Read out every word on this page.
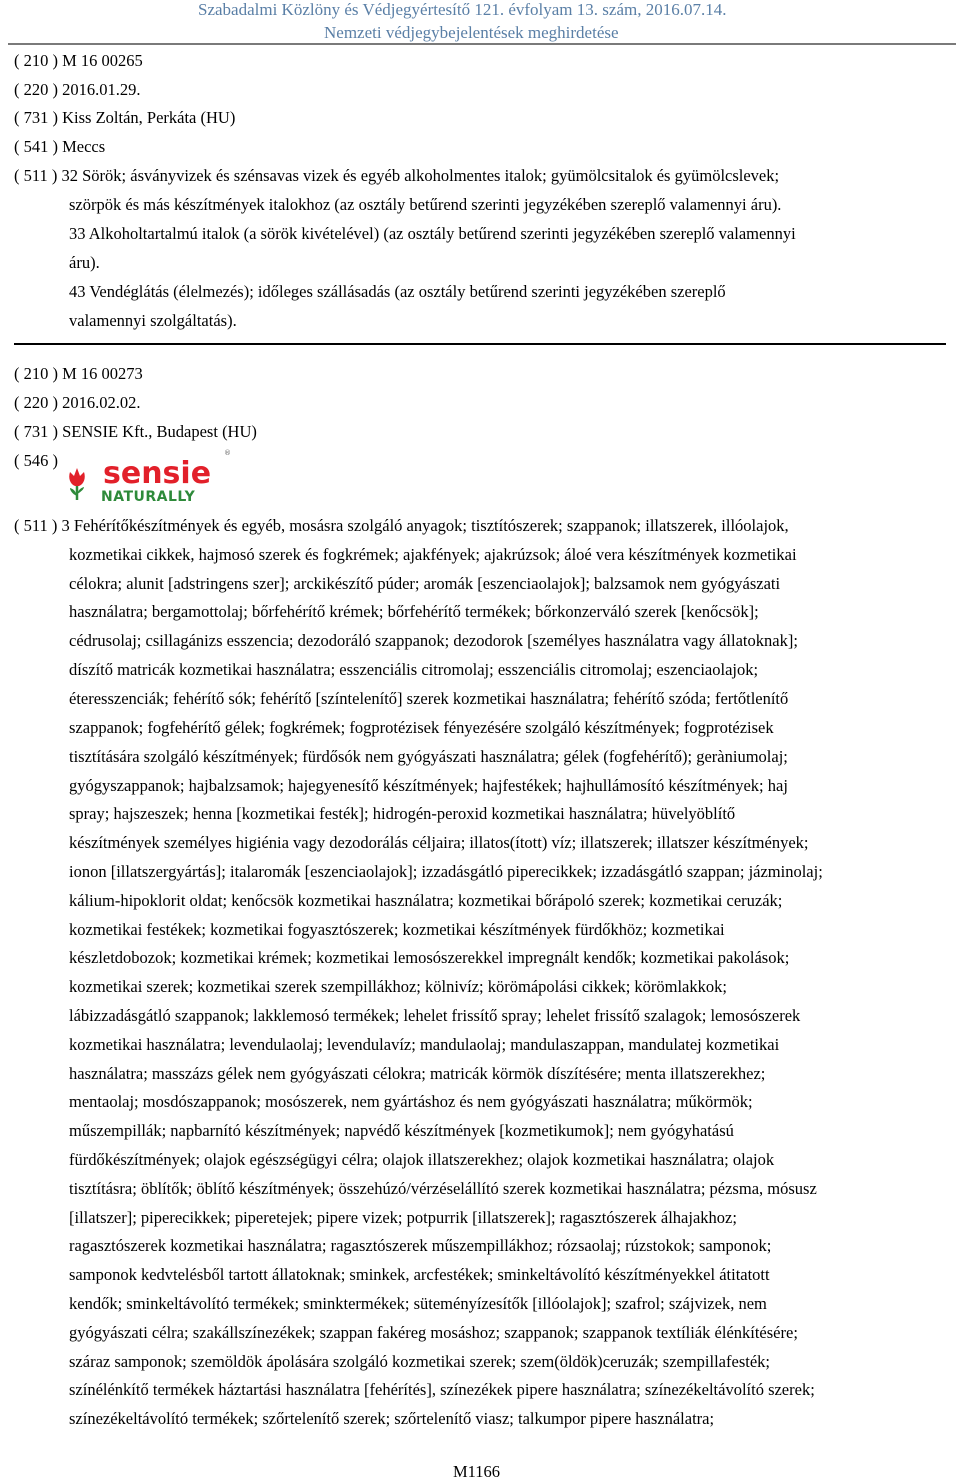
Szabadalmi Közlöny és Védjegyértesítő 121. évfolyam 13. szám, 2016.07.14.
Nemzeti védjegybejelentések meghirdetése
( 210 ) M 16 00265
( 220 ) 2016.01.29.
( 731 ) Kiss Zoltán, Perkáta (HU)
( 541 ) Meccs
( 511 ) 32 Sörök; ásványvizek és szénsavas vizek és egyéb alkoholmentes italok; gyümölcsitalok és gyümölcslevek;
szörpök és más készítmények italokhoz (az osztály betűrend szerinti jegyzékében szereplő valamennyi áru).
33 Alkoholtartalmú italok (a sörök kivételével) (az osztály betűrend szerinti jegyzékében szereplő valamennyi
áru).
43 Vendéglátás (élelmezés); időleges szállásadás (az osztály betűrend szerinti jegyzékében szereplő
valamennyi szolgáltatás).
( 210 ) M 16 00273
( 220 ) 2016.02.02.
( 731 ) SENSIE Kft., Budapest (HU)
( 546 ) sensie
NATURALLY
®
( 511 ) 3 Fehérítőkészítmények és egyéb, mosásra szolgáló anyagok; tisztítószerek; szappanok; illatszerek, illóolajok,
kozmetikai cikkek, hajmosó szerek és fogkrémek; ajakfények; ajakrúzsok; áloé vera készítmények kozmetikai
célokra; alunit [adstringens szer]; arckikészítő púder; aromák [eszenciaolajok]; balzsamok nem gyógyászati
használatra; bergamottolaj; bőrfehérítő krémek; bőrfehérítő termékek; bőrkonzerváló szerek [kenőcsök];
cédrusolaj; csillagánizs esszencia; dezodoráló szappanok; dezodorok [személyes használatra vagy állatoknak];
díszítő matricák kozmetikai használatra; esszenciális citromolaj; esszenciális citromolaj; eszenciaolajok;
éteresszenciák; fehérítő sók; fehérítő [színtelenítő] szerek kozmetikai használatra; fehérítő szóda; fertőtlenítő
szappanok; fogfehérítő gélek; fogkrémek; fogprotézisek fényezésére szolgáló készítmények; fogprotézisek
tisztítására szolgáló készítmények; fürdősók nem gyógyászati használatra; gélek (fogfehérítő); geràniumolaj;
gyógyszappanok; hajbalzsamok; hajegyenesítő készítmények; hajfestékek; hajhullámosító készítmények; haj
spray; hajszeszek; henna [kozmetikai festék]; hidrogén-peroxid kozmetikai használatra; hüvelyöblítő
készítmények személyes higiénia vagy dezodorálás céljaira; illatos(ított) víz; illatszerek; illatszer készítmények;
ionon [illatszergyártás]; italaromák [eszenciaolajok]; izzadásgátló piperecikkek; izzadásgátló szappan; jázminolaj;
kálium-hipoklorit oldat; kenőcsök kozmetikai használatra; kozmetikai bőrápoló szerek; kozmetikai ceruzák;
kozmetikai festékek; kozmetikai fogyasztószerek; kozmetikai készítmények fürdőkhöz; kozmetikai
készletdobozok; kozmetikai krémek; kozmetikai lemosószerekkel impregnált kendők; kozmetikai pakolások;
kozmetikai szerek; kozmetikai szerek szempillákhoz; kölnivíz; körömápolási cikkek; körömlakkok;
lábizzadásgátló szappanok; lakklemosó termékek; lehelet frissítő spray; lehelet frissítő szalagok; lemosószerek
kozmetikai használatra; levendulaolaj; levendulavíz; mandulaolaj; mandulaszappan, mandulatej kozmetikai
használatra; masszázs gélek nem gyógyászati célokra; matricák körmök díszítésére; menta illatszerekhez;
mentaolaj; mosdószappanok; mosószerek, nem gyártáshoz és nem gyógyászati használatra; műkörmök;
műszempillák; napbarnító készítmények; napvédő készítmények [kozmetikumok]; nem gyógyhatású
fürdőkészítmények; olajok egészségügyi célra; olajok illatszerekhez; olajok kozmetikai használatra; olajok
tisztításra; öblítők; öblítő készítmények; összehúzó/vérzéselállító szerek kozmetikai használatra; pézsma, mósusz
[illatszer]; piperecikkek; piperetejek; pipere vizek; potpurrik [illatszerek]; ragasztószerek álhajakhoz;
ragasztószerek kozmetikai használatra; ragasztószerek műszempillákhoz; rózsaolaj; rúzstokok; samponok;
samponok kedvtelésből tartott állatoknak; sminkek, arcfestékek; sminkeltávolító készítményekkel átitatott
kendők; sminkeltávolító termékek; sminktermékek; süteményízesítők [illóolajok]; szafrol; szájvizek, nem
gyógyászati célra; szakállszínezékek; szappan fakéreg mosáshoz; szappanok; szappanok textíliák élénkítésére;
száraz samponok; szemöldök ápolására szolgáló kozmetikai szerek; szem(öldök)ceruzák; szempillafesték;
színélénkítő termékek háztartási használatra [fehérítés], színezékek pipere használatra; színezékeltávolító szerek;
színezékeltávolító termékek; szőrtelenítő szerek; szőrtelenítő viasz; talkumpor pipere használatra;
M1166
